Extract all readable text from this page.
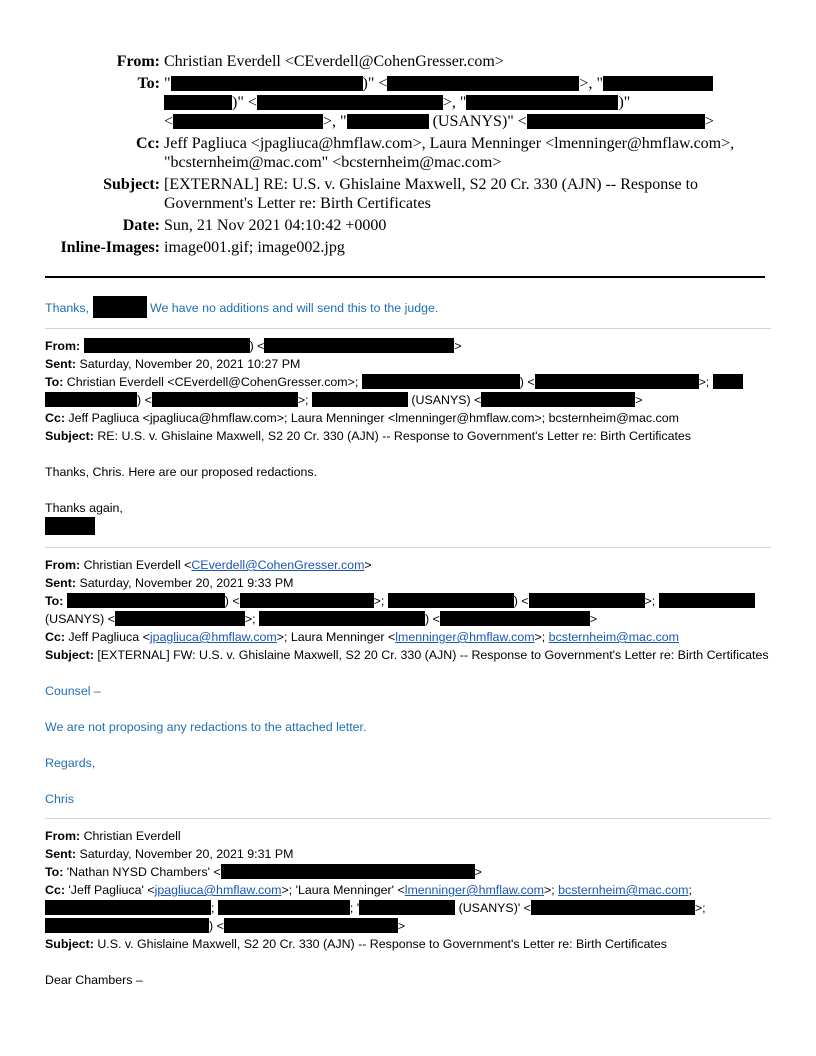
From: Christian Everdell <CEverdell@CohenGresser.com>
To: "	)" <	>, "
)" <	>, "	)"
<	>, "	(USANYS)" <	>
Cc: Jeff Pagliuca <jpagliuca@hmflaw.com>, Laura Menninger <lmenninger@hmflaw.com>,
"bcsternheim@mac.com" <bcsternheim@mac.com>
Subject: [EXTERNAL] RE: U.S. v. Ghislaine Maxwell, S2 20 Cr. 330 (AJN) -- Response to
Government's Letter re: Birth Certificates
Date: Sun, 21 Nov 2021 04:10:42 +0000
Inline-Images: image001.gif; image002.jpg

Thanks,	We have no additions and will send this to the judge.

From:	) <	>

Sent: Saturday, November 20, 2021 10:27 PM

To: Christian Everdell <CEverdell@CohenGresser.com>;	) <	>;

) <	>;	(USANYS) <	>

Cc: Jeff Pagliuca <jpagliuca@hmflaw.com>; Laura Menninger <lmenninger@hmflaw.com>; bcsternheim@mac.com

Subject: RE: U.S. v. Ghislaine Maxwell, S2 20 Cr. 330 (AJN) -- Response to Government's Letter re: Birth Certificates

Thanks, Chris. Here are our proposed redactions.

Thanks again,

From: Christian Everdell <CEverdell@CohenGresser.com>

Sent: Saturday, November 20, 2021 9:33 PM

To:	) <	>;	) <	>;

(USANYS) <	>;	) <	>

Cc: Jeff Pagliuca <jpagliuca@hmflaw.com>; Laura Menninger <lmenninger@hmflaw.com>; bcsternheim@mac.com

Subject: [EXTERNAL] FW: U.S. v. Ghislaine Maxwell, S2 20 Cr. 330 (AJN) -- Response to Government's Letter re: Birth Certificates

Counsel –

We are not proposing any redactions to the attached letter.

Regards,

Chris

From: Christian Everdell

Sent: Saturday, November 20, 2021 9:31 PM

To: 'Nathan NYSD Chambers' <	>

Cc: 'Jeff Pagliuca' <jpagliuca@hmflaw.com>; 'Laura Menninger' <lmenninger@hmflaw.com>; bcsternheim@mac.com;

;	; '	(USANYS)' <	>;

) <	>

Subject: U.S. v. Ghislaine Maxwell, S2 20 Cr. 330 (AJN) -- Response to Government's Letter re: Birth Certificates

Dear Chambers –
